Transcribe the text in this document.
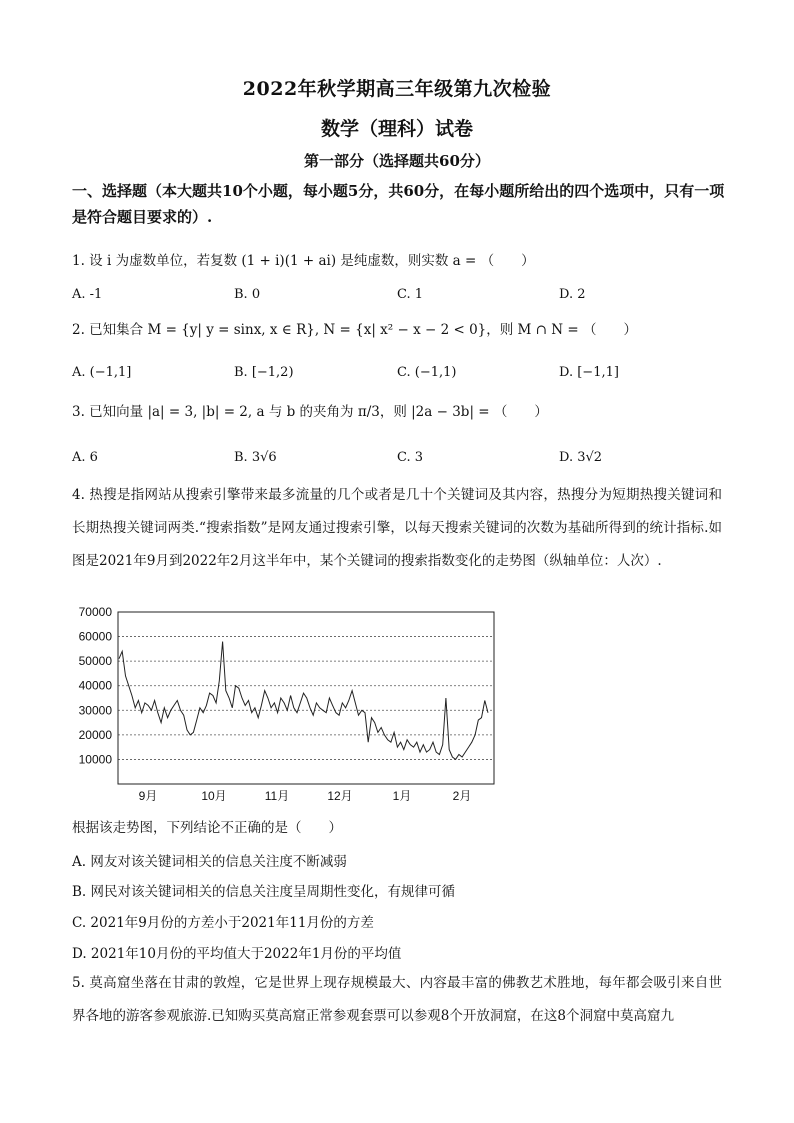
2022年秋学期高三年级第九次检验
数学（理科）试卷
第一部分（选择题共60分）
一、选择题（本大题共10个小题，每小题5分，共60分，在每小题所给出的四个选项中，只有一项是符合题目要求的）.
1. 设 i 为虚数单位，若复数 (1 + i)(1 + ai) 是纯虚数，则实数 a = （　　）
A. -1	B. 0	C. 1	D. 2
2. 已知集合 M = {y| y = sinx, x ∈ R}, N = {x| x² − x − 2 < 0}，则 M ∩ N = （　　）
A. (−1,1]	B. [−1,2)	C. (−1,1)	D. [−1,1]
3. 已知向量 |a| = 3, |b| = 2, a 与 b 的夹角为 π/3，则 |2a − 3b| = （　　）
A. 6	B. 3√6	C. 3	D. 3√2
4. 热搜是指网站从搜索引擎带来最多流量的几个或者是几十个关键词及其内容，热搜分为短期热搜关键词和长期热搜关键词两类.“搜索指数”是网友通过搜索引擎，以每天搜索关键词的次数为基础所得到的统计指标.如图是2021年9月到2022年2月这半年中，某个关键词的搜索指数变化的走势图（纵轴单位：人次）.
70000
60000
50000
40000
30000
20000
10000
9月	10月	11月	12月	1月	2月
根据该走势图，下列结论不正确的是（　　）
A. 网友对该关键词相关的信息关注度不断减弱
B. 网民对该关键词相关的信息关注度呈周期性变化，有规律可循
C. 2021年9月份的方差小于2021年11月份的方差
D. 2021年10月份的平均值大于2022年1月份的平均值
5. 莫高窟坐落在甘肃的敦煌，它是世界上现存规模最大、内容最丰富的佛教艺术胜地，每年都会吸引来自世界各地的游客参观旅游.已知购买莫高窟正常参观套票可以参观8个开放洞窟，在这8个洞窟中莫高窟九
